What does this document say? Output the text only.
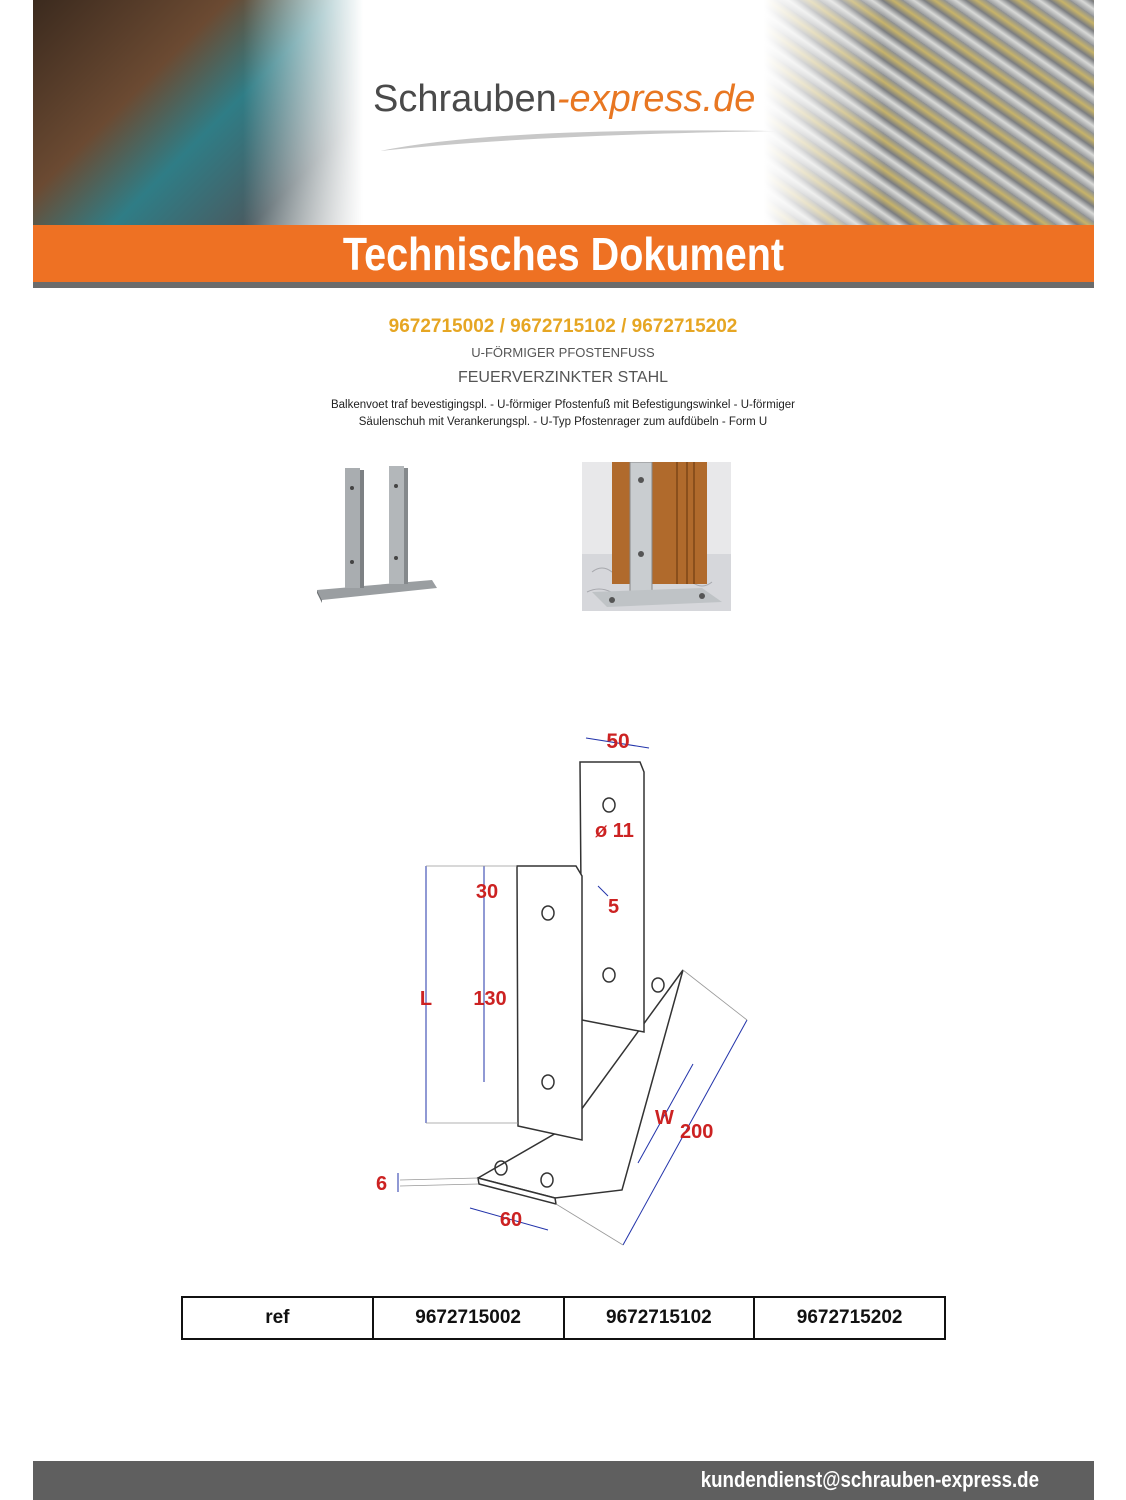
Schrauben-express.de
Technisches Dokument
9672715002 / 9672715102 / 9672715202
U-FÖRMIGER PFOSTENFUSS
FEUERVERZINKTER STAHL
Balkenvoet traf bevestigingspl. - U-förmiger Pfostenfuß mit Befestigungswinkel - U-förmiger
Säulenschuh mit Verankerungspl. - U-Typ Pfostenrager zum aufdübeln - Form U
50
ø 11
30
5
L 130
W
200
6
60
ref	9672715002	9672715102	9672715202
kundendienst@schrauben-express.de
